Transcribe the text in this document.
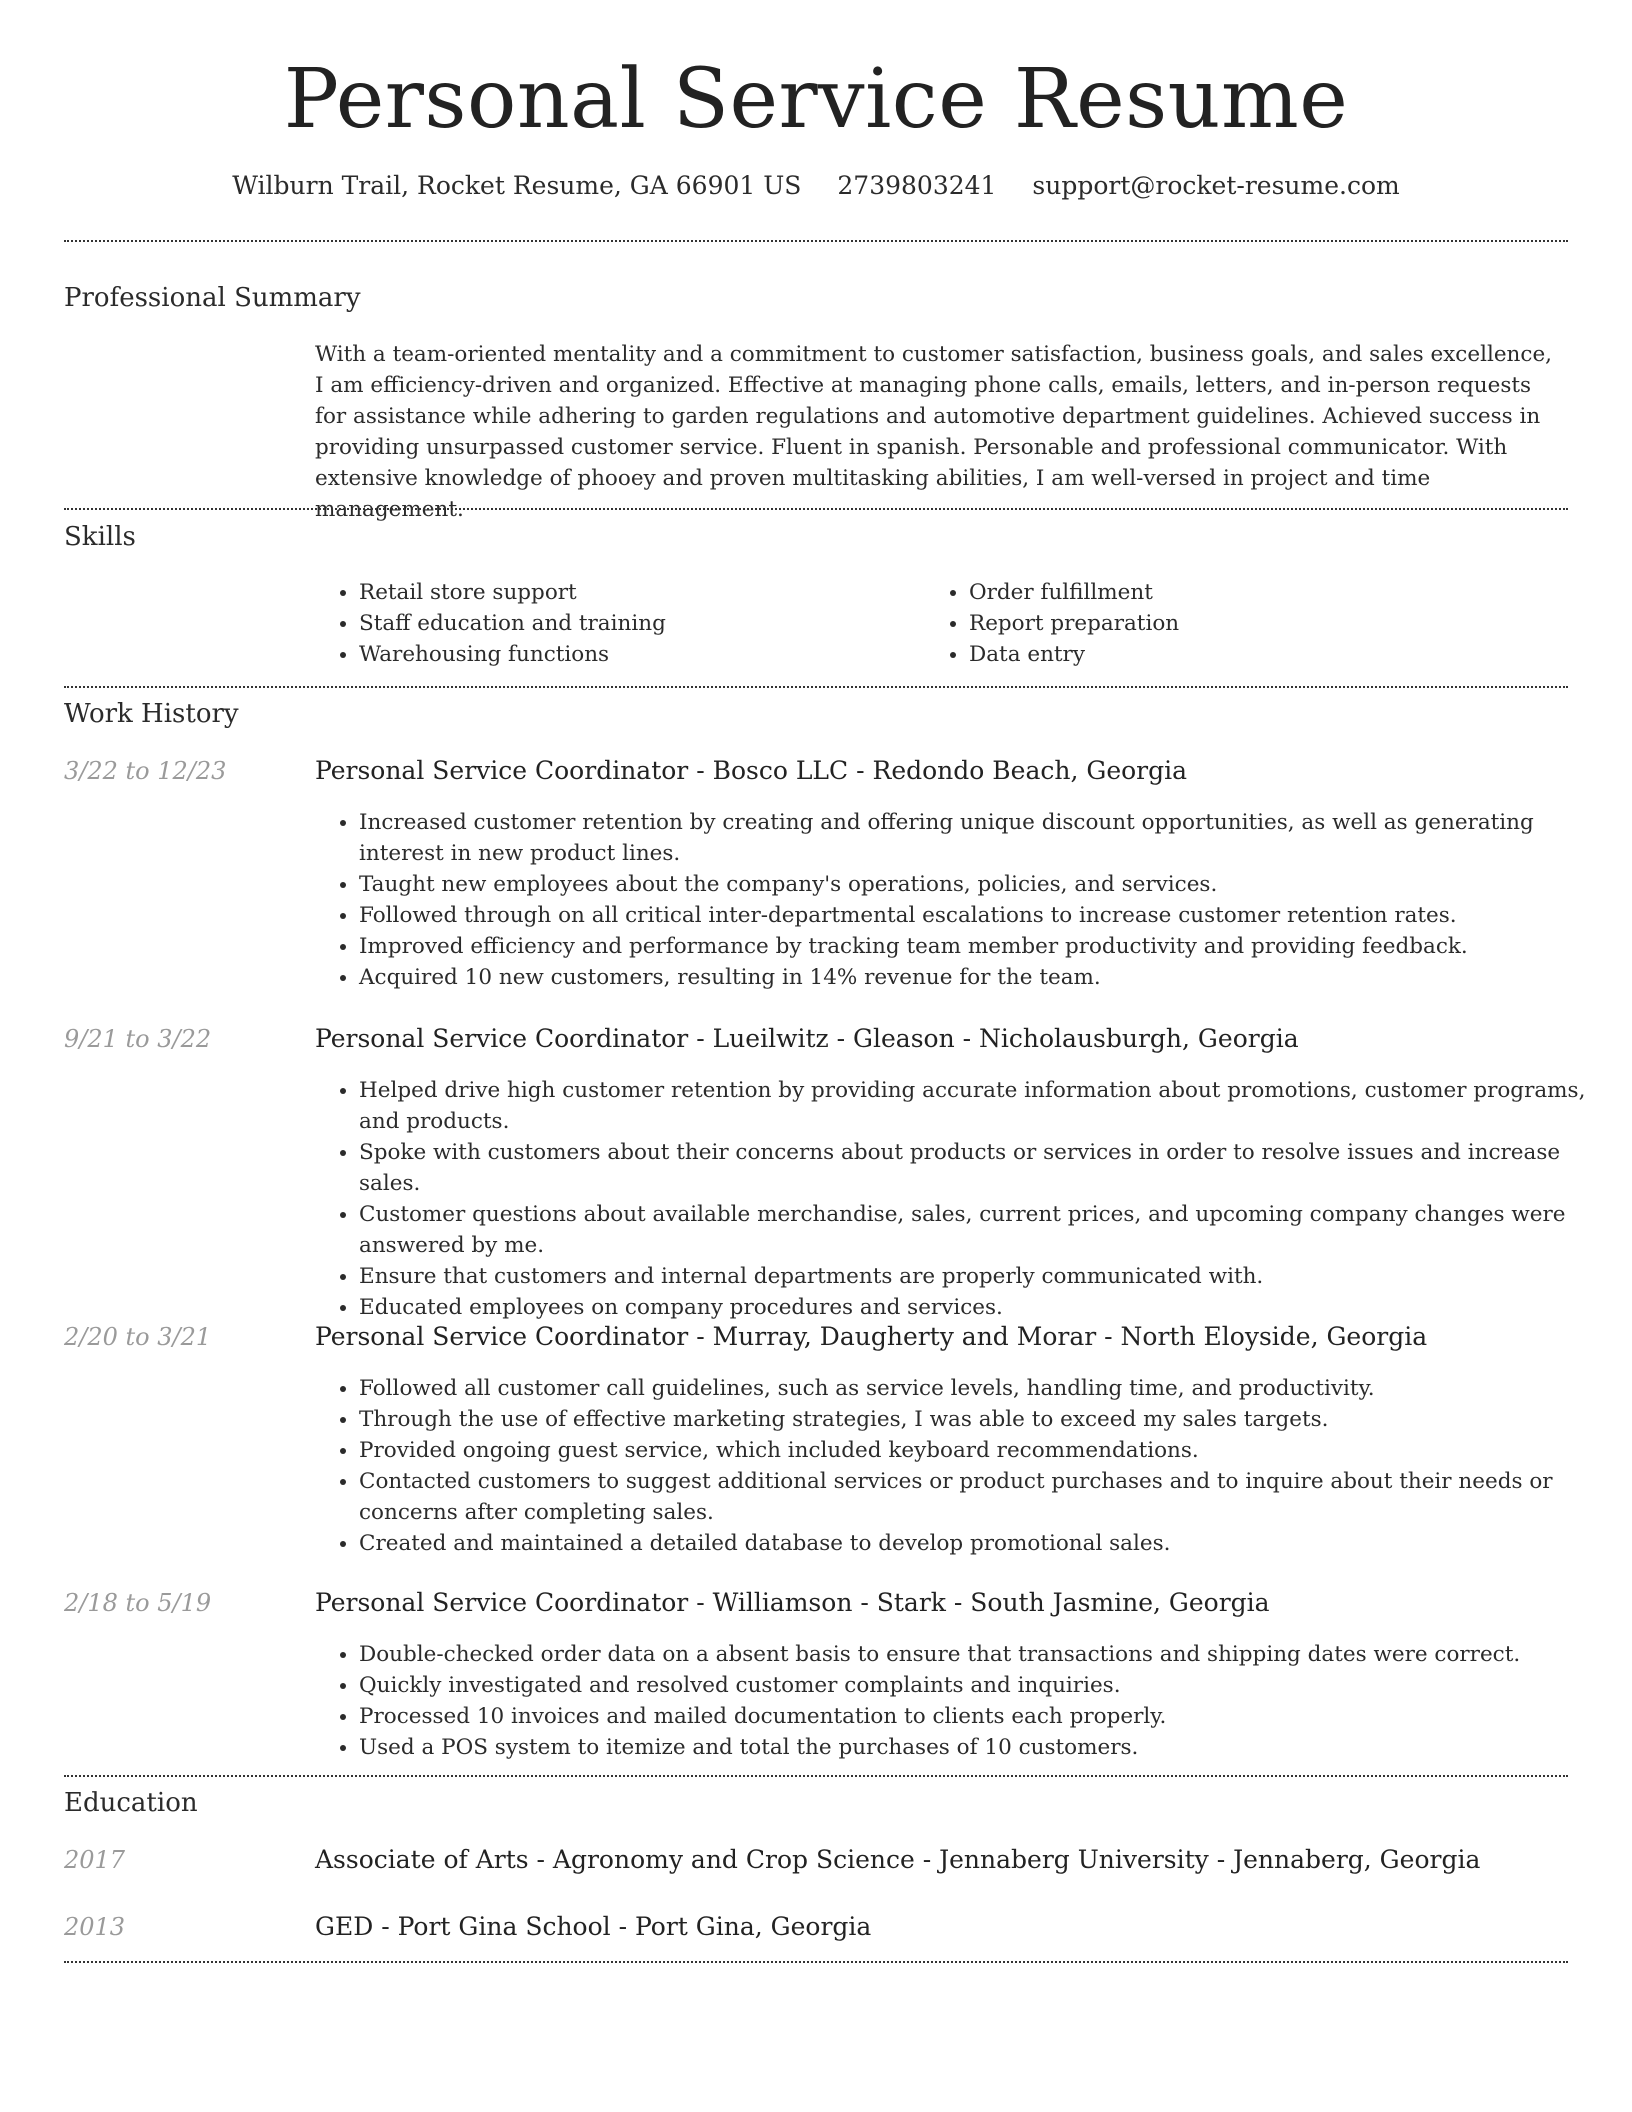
Personal Service Resume
Wilburn Trail, Rocket Resume, GA 66901 US 2739803241 support@rocket-resume.com
Professional Summary
With a team-oriented mentality and a commitment to customer satisfaction, business goals, and sales excellence, I am efficiency-driven and organized. Effective at managing phone calls, emails, letters, and in-person requests for assistance while adhering to garden regulations and automotive department guidelines. Achieved success in providing unsurpassed customer service. Fluent in spanish. Personable and professional communicator. With extensive knowledge of phooey and proven multitasking abilities, I am well-versed in project and time management.
Skills
• Retail store support
• Staff education and training
• Warehousing functions
• Order fulfillment
• Report preparation
• Data entry
Work History
3/22 to 12/23	Personal Service Coordinator - Bosco LLC - Redondo Beach, Georgia
• Increased customer retention by creating and offering unique discount opportunities, as well as generating interest in new product lines.
• Taught new employees about the company's operations, policies, and services.
• Followed through on all critical inter-departmental escalations to increase customer retention rates.
• Improved efficiency and performance by tracking team member productivity and providing feedback.
• Acquired 10 new customers, resulting in 14% revenue for the team.
9/21 to 3/22	Personal Service Coordinator - Lueilwitz - Gleason - Nicholausburgh, Georgia
• Helped drive high customer retention by providing accurate information about promotions, customer programs, and products.
• Spoke with customers about their concerns about products or services in order to resolve issues and increase sales.
• Customer questions about available merchandise, sales, current prices, and upcoming company changes were answered by me.
• Ensure that customers and internal departments are properly communicated with.
• Educated employees on company procedures and services.
2/20 to 3/21	Personal Service Coordinator - Murray, Daugherty and Morar - North Eloyside, Georgia
• Followed all customer call guidelines, such as service levels, handling time, and productivity.
• Through the use of effective marketing strategies, I was able to exceed my sales targets.
• Provided ongoing guest service, which included keyboard recommendations.
• Contacted customers to suggest additional services or product purchases and to inquire about their needs or concerns after completing sales.
• Created and maintained a detailed database to develop promotional sales.
2/18 to 5/19	Personal Service Coordinator - Williamson - Stark - South Jasmine, Georgia
• Double-checked order data on a absent basis to ensure that transactions and shipping dates were correct.
• Quickly investigated and resolved customer complaints and inquiries.
• Processed 10 invoices and mailed documentation to clients each properly.
• Used a POS system to itemize and total the purchases of 10 customers.
Education
2017	Associate of Arts - Agronomy and Crop Science - Jennaberg University - Jennaberg, Georgia
2013	GED - Port Gina School - Port Gina, Georgia
